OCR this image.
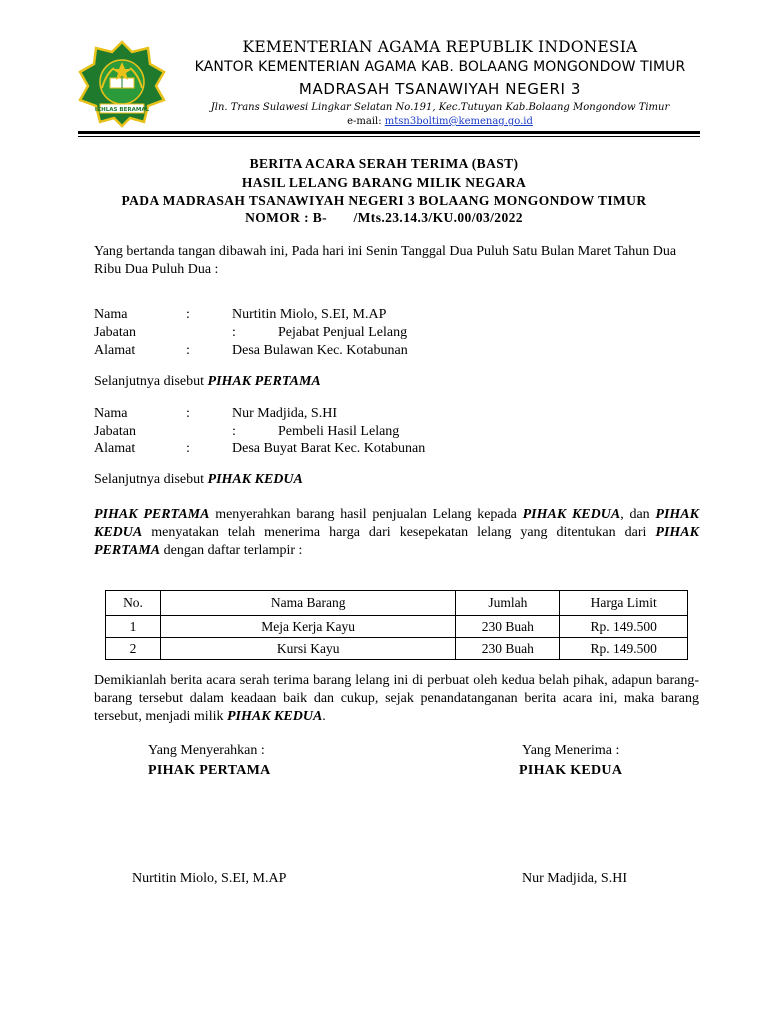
IKHLAS BERAMAL
KEMENTERIAN AGAMA REPUBLIK INDONESIA
KANTOR KEMENTERIAN AGAMA KAB. BOLAANG MONGONDOW TIMUR
MADRASAH TSANAWIYAH NEGERI 3
Jln. Trans Sulawesi Lingkar Selatan No.191, Kec.Tutuyan Kab.Bolaang Mongondow Timur
e-mail: mtsn3boltim@kemenag.go.id
BERITA ACARA SERAH TERIMA (BAST)
HASIL LELANG BARANG MILIK NEGARA
PADA MADRASAH TSANAWIYAH NEGERI 3 BOLAANG MONGONDOW TIMUR
NOMOR : B-       /Mts.23.14.3/KU.00/03/2022
Yang bertanda tangan dibawah ini, Pada hari ini Senin Tanggal Dua Puluh Satu Bulan Maret Tahun Dua Ribu Dua Puluh Dua :
Nama	:	Nurtitin Miolo, S.EI, M.AP
Jabatan	:	Pejabat Penjual Lelang
Alamat	:	Desa Bulawan Kec. Kotabunan
Selanjutnya disebut PIHAK PERTAMA
Nama	:	Nur Madjida, S.HI
Jabatan	:	Pembeli Hasil Lelang
Alamat	:	Desa Buyat Barat Kec. Kotabunan
Selanjutnya disebut PIHAK KEDUA
PIHAK PERTAMA menyerahkan barang hasil penjualan Lelang kepada PIHAK KEDUA, dan PIHAK KEDUA menyatakan telah menerima harga dari kesepekatan lelang yang ditentukan dari PIHAK PERTAMA dengan daftar terlampir :
No.	Nama Barang	Jumlah	Harga Limit
1	Meja Kerja Kayu	230 Buah	Rp. 149.500
2	Kursi Kayu	230 Buah	Rp. 149.500
Demikianlah berita acara serah terima barang lelang ini di perbuat oleh kedua belah pihak, adapun barang-barang tersebut dalam keadaan baik dan cukup, sejak penandatanganan berita acara ini, maka barang tersebut, menjadi milik PIHAK KEDUA.
Yang Menyerahkan :
PIHAK PERTAMA
Nurtitin Miolo, S.EI, M.AP
Yang Menerima :
PIHAK KEDUA
Nur Madjida, S.HI
